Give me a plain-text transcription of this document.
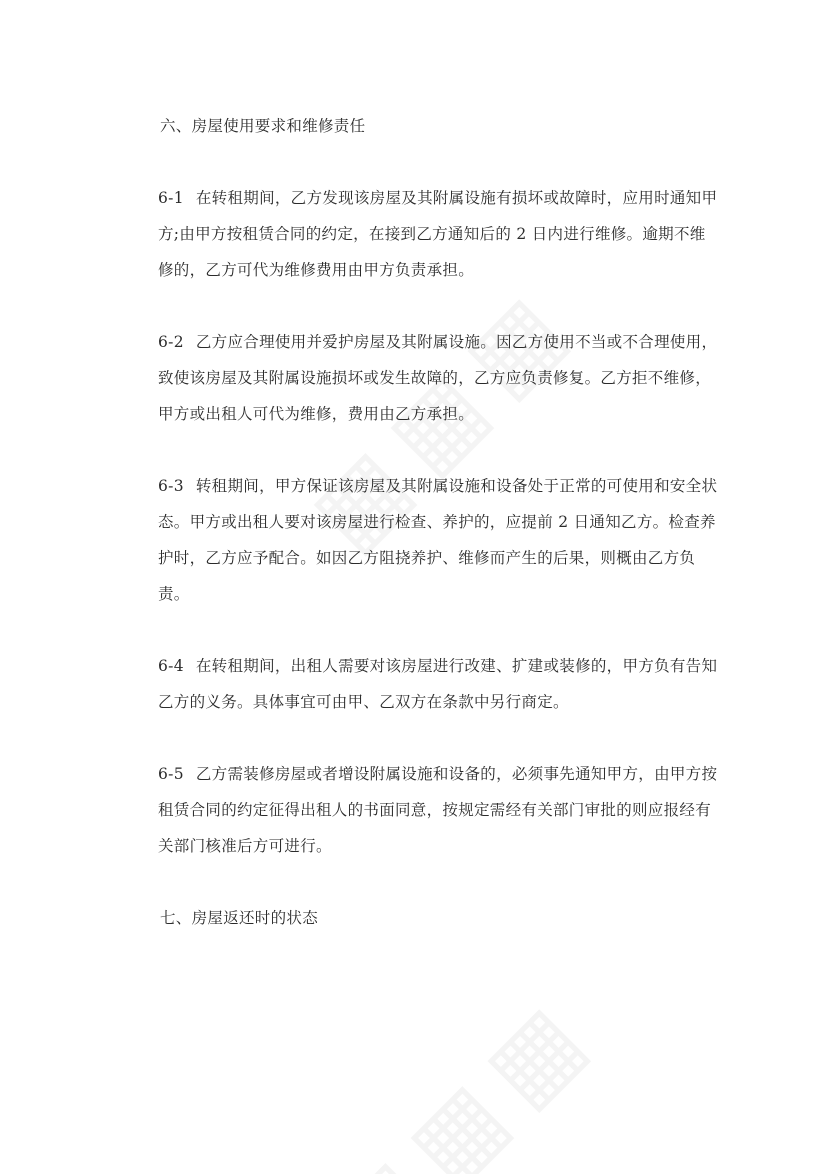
六、房屋使用要求和维修责任

6-1 在转租期间，乙方发现该房屋及其附属设施有损坏或故障时，应用时通知甲方;由甲方按租赁合同的约定，在接到乙方通知后的 2 日内进行维修。逾期不维修的，乙方可代为维修费用由甲方负责承担。

6-2 乙方应合理使用并爱护房屋及其附属设施。因乙方使用不当或不合理使用，致使该房屋及其附属设施损坏或发生故障的，乙方应负责修复。乙方拒不维修，甲方或出租人可代为维修，费用由乙方承担。

6-3 转租期间，甲方保证该房屋及其附属设施和设备处于正常的可使用和安全状态。甲方或出租人要对该房屋进行检查、养护的，应提前 2 日通知乙方。检查养护时，乙方应予配合。如因乙方阻挠养护、维修而产生的后果，则概由乙方负责。

6-4 在转租期间，出租人需要对该房屋进行改建、扩建或装修的，甲方负有告知乙方的义务。具体事宜可由甲、乙双方在条款中另行商定。

6-5 乙方需装修房屋或者增设附属设施和设备的，必须事先通知甲方，由甲方按租赁合同的约定征得出租人的书面同意，按规定需经有关部门审批的则应报经有关部门核准后方可进行。

七、房屋返还时的状态
